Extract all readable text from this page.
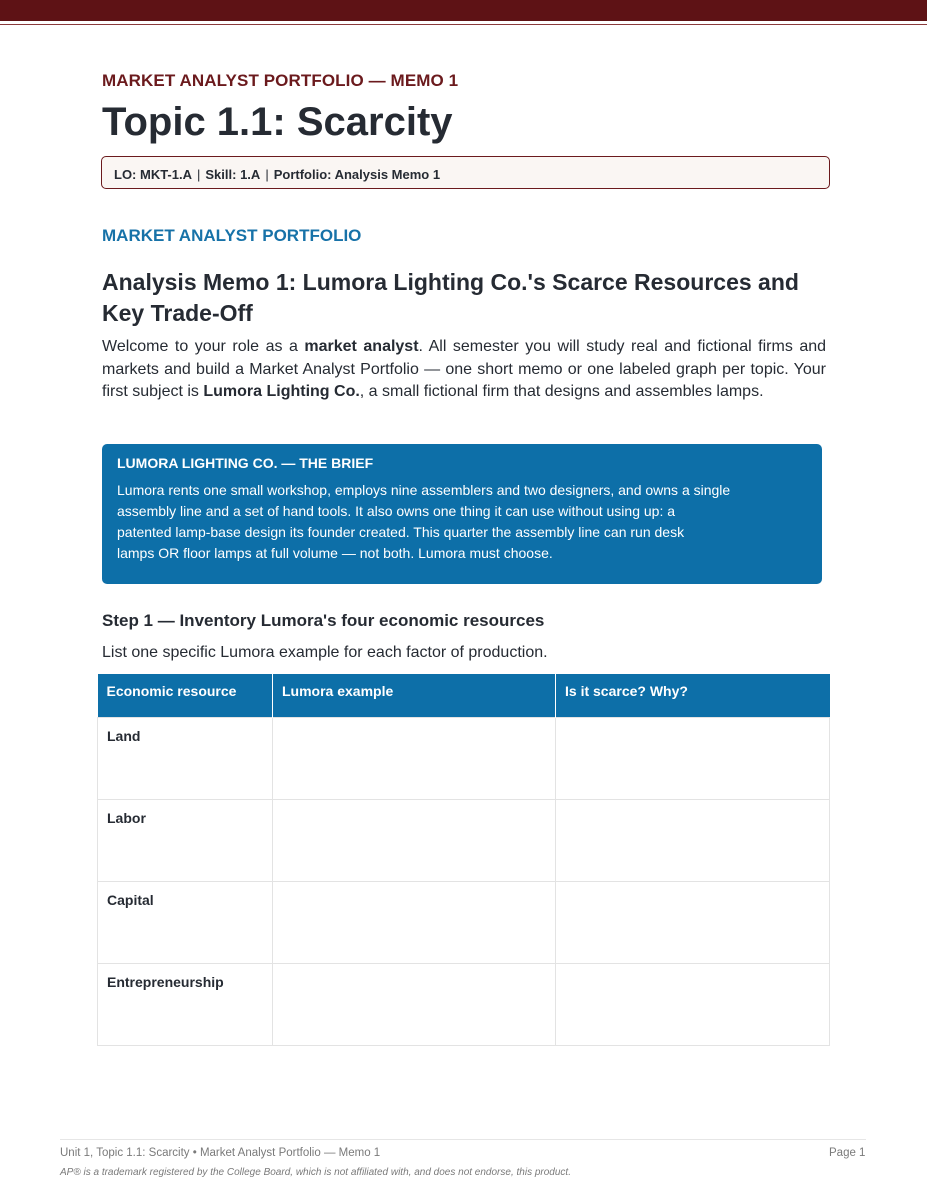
MARKET ANALYST PORTFOLIO — MEMO 1
Topic 1.1: Scarcity
LO: MKT-1.A | Skill: 1.A | Portfolio: Analysis Memo 1
MARKET ANALYST PORTFOLIO
Analysis Memo 1: Lumora Lighting Co.'s Scarce Resources and Key Trade-Off

Welcome to your role as a market analyst. All semester you will study real and fictional firms and markets and build a Market Analyst Portfolio — one short memo or one labeled graph per topic. Your first subject is Lumora Lighting Co., a small fictional firm that designs and assembles lamps.

LUMORA LIGHTING CO. — THE BRIEF

Lumora rents one small workshop, employs nine assemblers and two designers, and owns a single
assembly line and a set of hand tools. It also owns one thing it can use without using up: a
patented lamp-base design its founder created. This quarter the assembly line can run desk
lamps OR floor lamps at full volume — not both. Lumora must choose.

Step 1 — Inventory Lumora's four economic resources

List one specific Lumora example for each factor of production.

Economic resource	Lumora example	Is it scarce? Why?
Land		
Labor		
Capital		
Entrepreneurship		
Unit 1, Topic 1.1: Scarcity • Market Analyst Portfolio — Memo 1	Page 1
AP® is a trademark registered by the College Board, which is not affiliated with, and does not endorse, this product.
